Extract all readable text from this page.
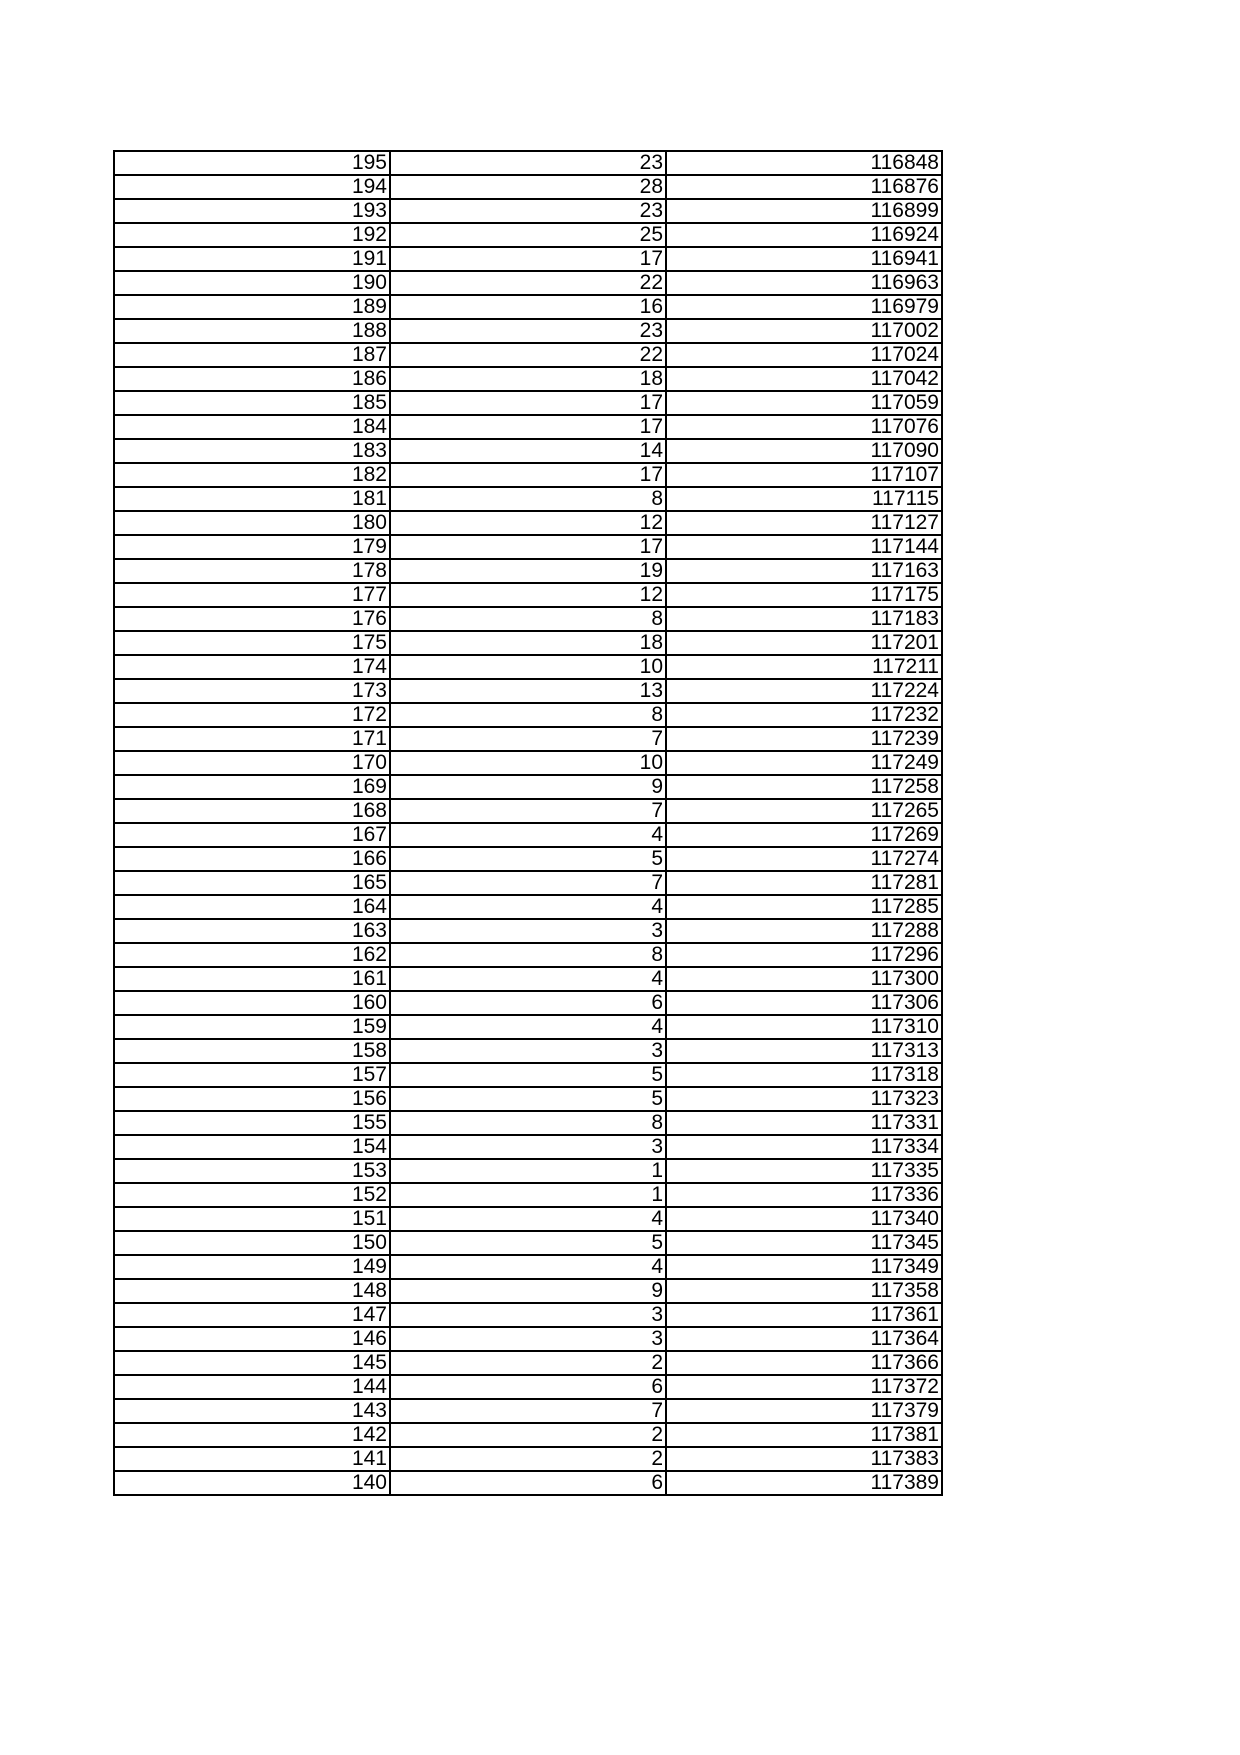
195	23	116848
194	28	116876
193	23	116899
192	25	116924
191	17	116941
190	22	116963
189	16	116979
188	23	117002
187	22	117024
186	18	117042
185	17	117059
184	17	117076
183	14	117090
182	17	117107
181	8	117115
180	12	117127
179	17	117144
178	19	117163
177	12	117175
176	8	117183
175	18	117201
174	10	117211
173	13	117224
172	8	117232
171	7	117239
170	10	117249
169	9	117258
168	7	117265
167	4	117269
166	5	117274
165	7	117281
164	4	117285
163	3	117288
162	8	117296
161	4	117300
160	6	117306
159	4	117310
158	3	117313
157	5	117318
156	5	117323
155	8	117331
154	3	117334
153	1	117335
152	1	117336
151	4	117340
150	5	117345
149	4	117349
148	9	117358
147	3	117361
146	3	117364
145	2	117366
144	6	117372
143	7	117379
142	2	117381
141	2	117383
140	6	117389
